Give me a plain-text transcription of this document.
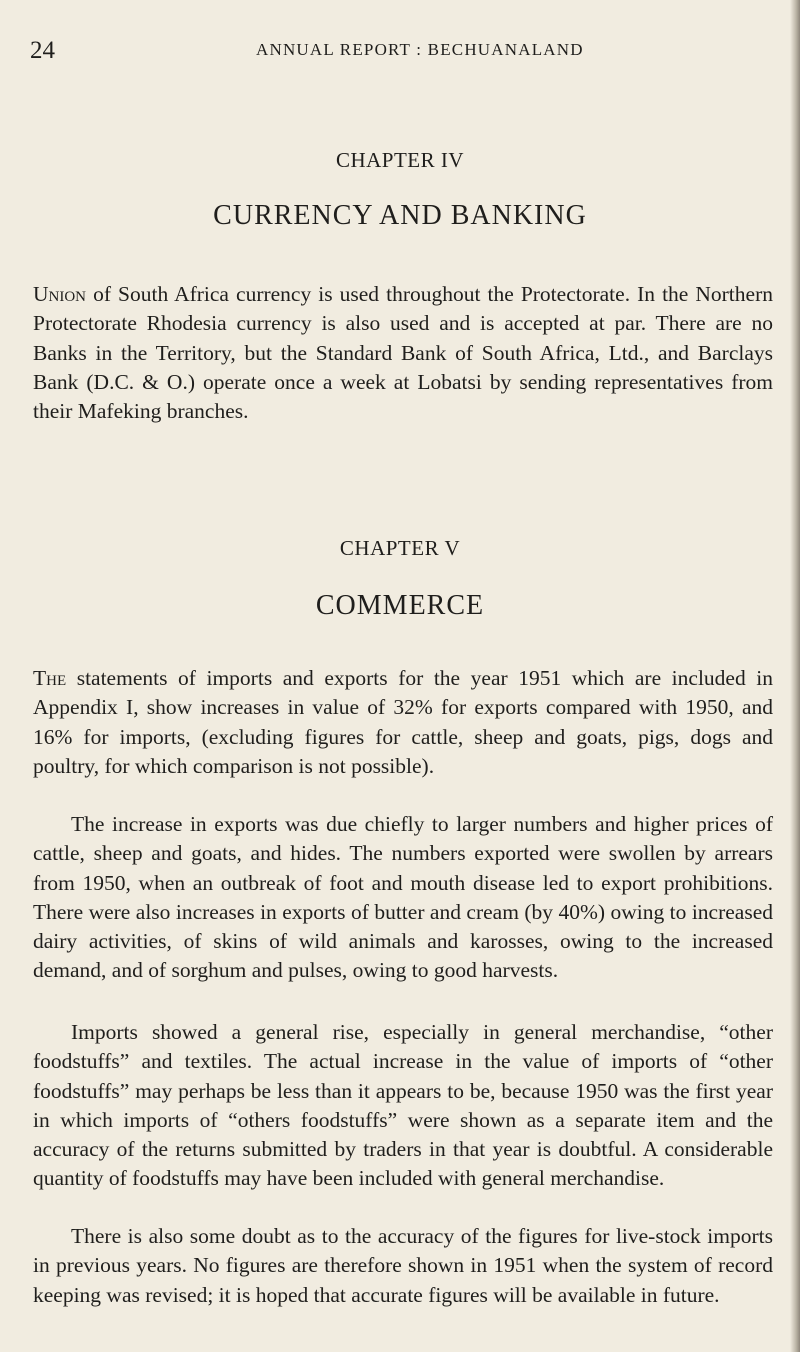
24	ANNUAL REPORT : BECHUANALAND
CHAPTER IV
CURRENCY AND BANKING

Union of South Africa currency is used throughout the Protectorate. In the Northern Protectorate Rhodesia currency is also used and is accepted at par. There are no Banks in the Territory, but the Standard Bank of South Africa, Ltd., and Barclays Bank (D.C. & O.) operate once a week at Lobatsi by sending representatives from their Mafeking branches.

CHAPTER V
COMMERCE

The statements of imports and exports for the year 1951 which are included in Appendix I, show increases in value of 32% for exports compared with 1950, and 16% for imports, (excluding figures for cattle, sheep and goats, pigs, dogs and poultry, for which comparison is not possible).

The increase in exports was due chiefly to larger numbers and higher prices of cattle, sheep and goats, and hides. The numbers exported were swollen by arrears from 1950, when an outbreak of foot and mouth disease led to export prohibitions. There were also increases in exports of butter and cream (by 40%) owing to increased dairy activities, of skins of wild animals and karosses, owing to the increased demand, and of sorghum and pulses, owing to good harvests.

Imports showed a general rise, especially in general merchandise, “other foodstuffs” and textiles. The actual increase in the value of imports of “other foodstuffs” may perhaps be less than it appears to be, because 1950 was the first year in which imports of “others foodstuffs” were shown as a separate item and the accuracy of the returns submitted by traders in that year is doubtful. A considerable quantity of foodstuffs may have been included with general merchandise.

There is also some doubt as to the accuracy of the figures for live-stock imports in previous years. No figures are therefore shown in 1951 when the system of record keeping was revised; it is hoped that accurate figures will be available in future.
